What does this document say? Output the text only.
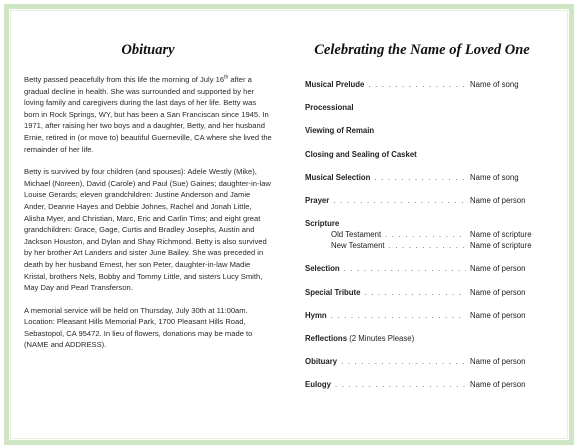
Obituary

Betty passed peacefully from this life the morning of July 16th after a gradual decline in health. She was surrounded and supported by her loving family and caregivers during the last days of her life. Betty was born in Rock Springs, WY, but has been a San Franciscan since 1945. In 1971, after raising her two boys and a daughter, Betty, and her husband Ernie, retired in (or move to) beautiful Guerneville, CA where she lived the remainder of her life.

Betty is survived by four children (and spouses): Adele Westly (Mike), Michael (Noreen), David (Carole) and Paul (Sue) Gaines; daughter-in-law Louise Gerards; eleven grandchildren: Justine Anderson and Jamie Ander, Deanne Hayes and Debbie Johnes, Rachel and Jonah Little, Alisha Myer, and Christian, Marc, Eric and Carlin Tims; and eight great grandchildren: Grace, Gage, Curtis and Bradley Josephs, Austin and Jackson Houston, and Dylan and Shay Richmond. Betty is also survived by her brother Art Landers and sister June Bailey. She was preceded in death by her husband Ernest, her son Peter, daughter-in-law Madie Kristal, brothers Nels, Bobby and Tommy Little, and sisters Lucy Smith, May Day and Pearl Transferson.

A memorial service will be held on Thursday, July 30th at 11:00am. Location: Pleasant Hills Memorial Park, 1700 Pleasant Hills Road, Sebastopol, CA 95472. In lieu of flowers, donations may be made to (NAME and ADDRESS).

Celebrating the Name of Loved One
Musical Prelude . . .	Name of song
Processional
Viewing of Remain
Closing and Sealing of Casket
Musical Selection . . .	Name of song
Prayer . . .	Name of person
Scripture
Old Testament . . .	Name of scripture
New Testament . . .	Name of scripture
Selection . . .	Name of person
Special Tribute . . .	Name of person
Hymn . . .	Name of person
Reflections (2 Minutes Please)
Obituary . . .	Name of person
Eulogy . . .	Name of person
